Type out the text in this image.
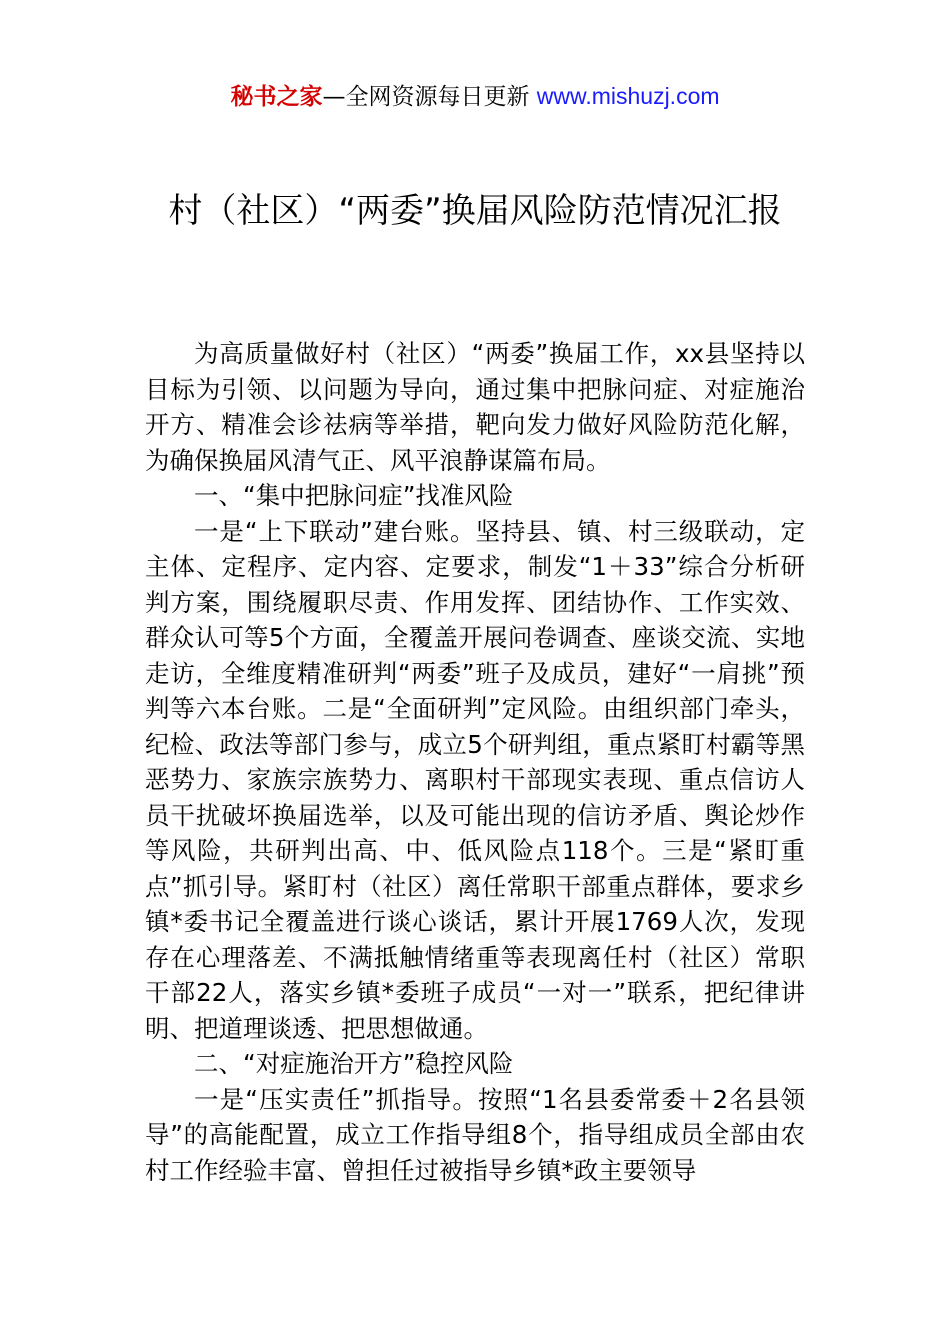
秘书之家—全网资源每日更新 www.mishuzj.com
村（社区）“两委”换届风险防范情况汇报

为高质量做好村（社区）“两委”换届工作，xx县坚持以目标为引领、以问题为导向，通过集中把脉问症、对症施治开方、精准会诊祛病等举措，靶向发力做好风险防范化解，为确保换届风清气正、风平浪静谋篇布局。

一、“集中把脉问症”找准风险

一是“上下联动”建台账。坚持县、镇、村三级联动，定主体、定程序、定内容、定要求，制发“1＋33”综合分析研判方案，围绕履职尽责、作用发挥、团结协作、工作实效、群众认可等5个方面，全覆盖开展问卷调查、座谈交流、实地走访，全维度精准研判“两委”班子及成员，建好“一肩挑”预判等六本台账。二是“全面研判”定风险。由组织部门牵头，纪检、政法等部门参与，成立5个研判组，重点紧盯村霸等黑恶势力、家族宗族势力、离职村干部现实表现、重点信访人员干扰破坏换届选举，以及可能出现的信访矛盾、舆论炒作等风险，共研判出高、中、低风险点118个。三是“紧盯重点”抓引导。紧盯村（社区）离任常职干部重点群体，要求乡镇*委书记全覆盖进行谈心谈话，累计开展1769人次，发现存在心理落差、不满抵触情绪重等表现离任村（社区）常职干部22人，落实乡镇*委班子成员“一对一”联系，把纪律讲明、把道理谈透、把思想做通。

二、“对症施治开方”稳控风险

一是“压实责任”抓指导。按照“1名县委常委＋2名县领导”的高能配置，成立工作指导组8个，指导组成员全部由农村工作经验丰富、曾担任过被指导乡镇*政主要领导
